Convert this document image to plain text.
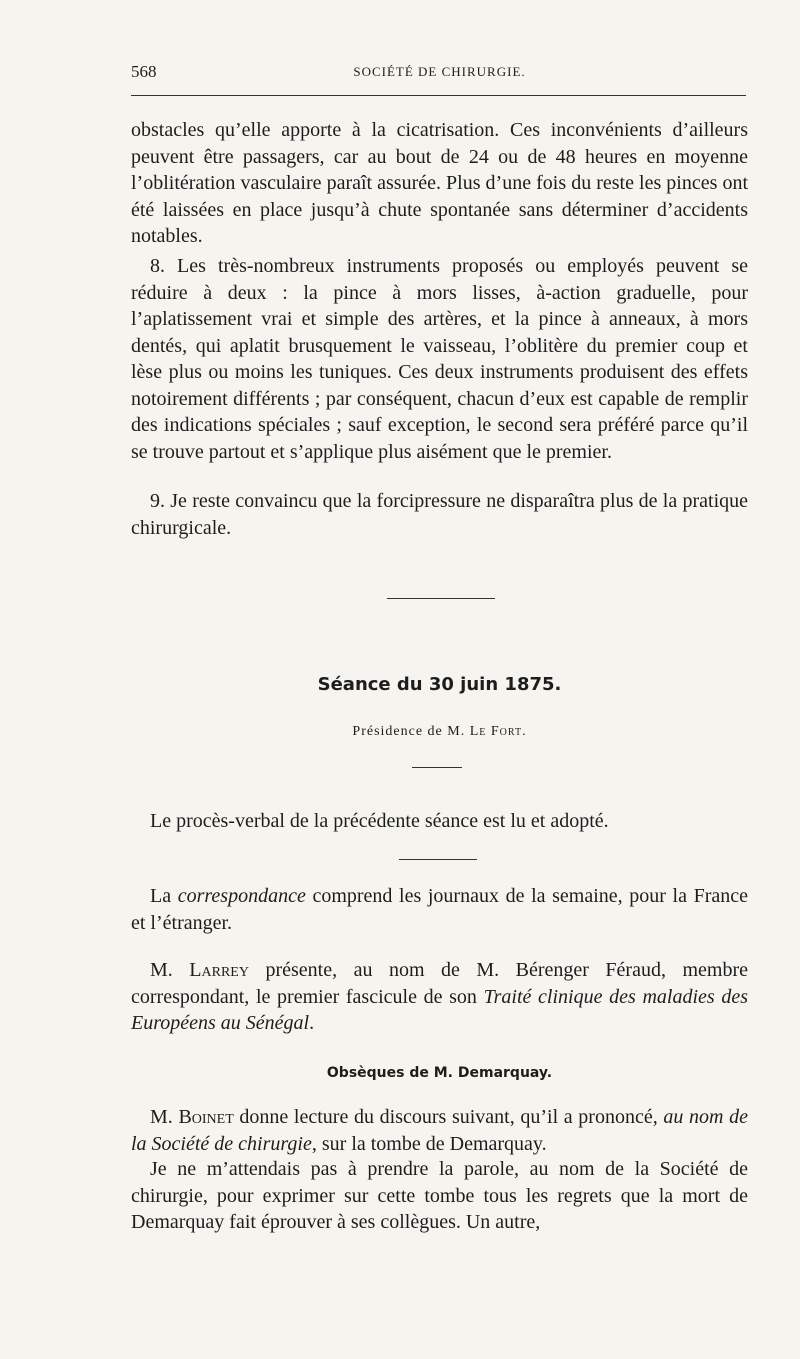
568	SOCIÉTÉ DE CHIRURGIE.

obstacles qu’elle apporte à la cicatrisation. Ces inconvénients d’ailleurs peuvent être passagers, car au bout de 24 ou de 48 heures en moyenne l’oblitération vasculaire paraît assurée. Plus d’une fois du reste les pinces ont été laissées en place jusqu’à chute spontanée sans déterminer d’accidents notables.

8. Les très-nombreux instruments proposés ou employés peuvent se réduire à deux : la pince à mors lisses, à-action graduelle, pour l’aplatissement vrai et simple des artères, et la pince à anneaux, à mors dentés, qui aplatit brusquement le vaisseau, l’oblitère du premier coup et lèse plus ou moins les tuniques. Ces deux instruments produisent des effets notoirement différents ; par conséquent, chacun d’eux est capable de remplir des indications spéciales ; sauf exception, le second sera préféré parce qu’il se trouve partout et s’applique plus aisément que le premier.

9. Je reste convaincu que la forcipressure ne disparaîtra plus de la pratique chirurgicale.

Séance du 30 juin 1875.

Présidence de M. Le Fort.

Le procès-verbal de la précédente séance est lu et adopté.

La correspondance comprend les journaux de la semaine, pour la France et l’étranger.

M. Larrey présente, au nom de M. Bérenger Féraud, membre correspondant, le premier fascicule de son Traité clinique des maladies des Européens au Sénégal.

Obsèques de M. Demarquay.

M. Boinet donne lecture du discours suivant, qu’il a prononcé, au nom de la Société de chirurgie, sur la tombe de Demarquay.

Je ne m’attendais pas à prendre la parole, au nom de la Société de chirurgie, pour exprimer sur cette tombe tous les regrets que la mort de Demarquay fait éprouver à ses collègues. Un autre,
